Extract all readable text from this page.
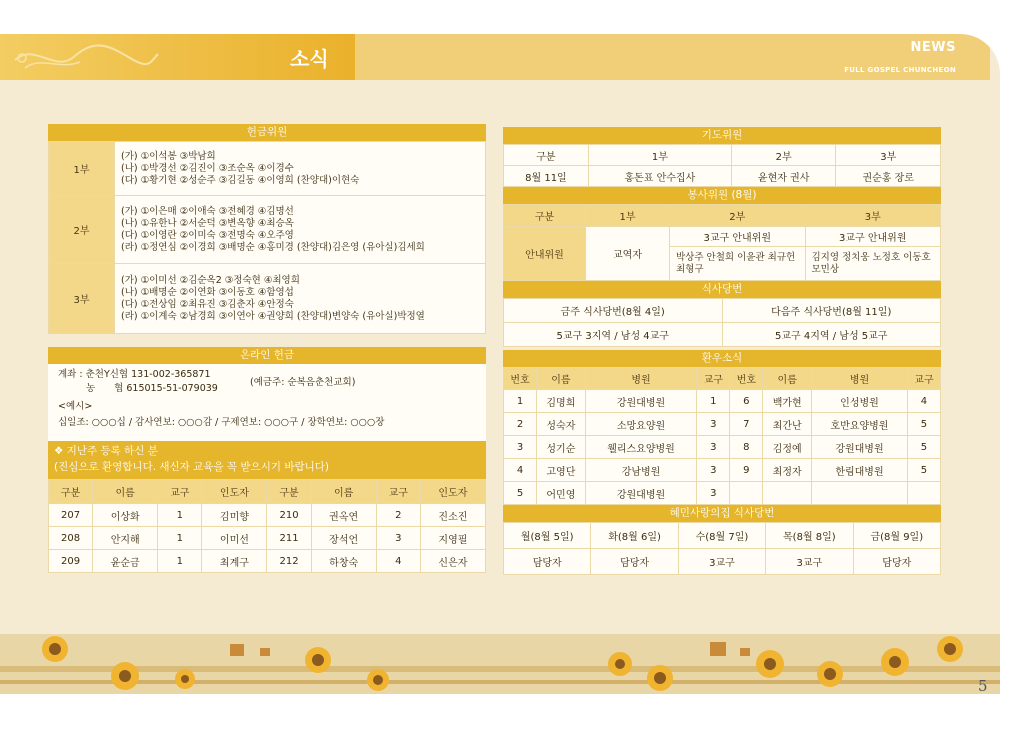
소식	NEWS
FULL GOSPEL CHUNCHEON
헌금위원
1부	(가) ①이석봉 ③박남희
(나) ①박경선 ②김진이 ③조순옥 ④이경수
(다) ①황기현 ②성순주 ③김길동 ④이영희 (찬양대)이현숙

2부	(가) ①이은매 ②이애숙 ③전혜경 ④김명선
(나) ①유한나 ②서순덕 ③변옥향 ④최승옥
(다) ①이영란 ②이미숙 ③전명숙 ④오주영
(라) ①정연심 ②이경희 ③배명순 ④홍미경 (찬양대)김은영 (유아실)김세희

3부	(가) ①이미선 ②김순옥2 ③정숙현 ④최영희
(나) ①배명순 ②이연화 ③이동호 ④함영섭
(다) ①전상임 ②최유진 ③김춘자 ④안정숙
(라) ①이계숙 ②남경희 ③이연아 ④권양희 (찬양대)변양숙 (유아실)박정열
온라인 헌금
계좌 : 춘천Y신협 131-002-365871
농　　협 615015-51-079039
(예금주: 순복음춘천교회)
<예시>
십일조: ○○○십 / 감사연보: ○○○감 / 구제연보: ○○○구 / 장학연보: ○○○장
❖ 지난주 등록 하신 분
(진심으로 환영합니다. 새신자 교육을 꼭 받으시기 바랍니다)
구분	이름	교구	인도자	구분	이름	교구	인도자
207	이상화	1	김미향	210	권옥연	2	진소진
208	안지해	1	이미선	211	장석언	3	지영필
209	윤순금	1	최계구	212	하창숙	4	신은자
기도위원
구분	1부	2부	3부
8월 11일	홍돈표 안수집사	윤현자 권사	권순홍 장로
봉사위원 (8월)
구분	1부	2부	3부
안내위원	교역자	3교구 안내위원	3교구 안내위원
		박상주 안철희 이윤관 최규헌 최형구	김지영 정치웅 노정호 이동호 모민상
식사당번
금주 식사당번(8월 4일)	다음주 식사당번(8월 11일)
5교구 3지역 / 남성 4교구	5교구 4지역 / 남성 5교구
환우소식
번호	이름	병원	교구	번호	이름	병원	교구
1	김명희	강원대병원	1	6	백가현	인성병원	4
2	성숙자	소망요양원	3	7	최간난	호반요양병원	5
3	성기순	웰리스요양병원	3	8	김정예	강원대병원	5
4	고영단	강남병원	3	9	최정자	한림대병원	5
5	어민영	강원대병원	3				
혜민사랑의집 식사당번
월(8월 5일)	화(8월 6일)	수(8월 7일)	목(8월 8일)	금(8월 9일)
담당자	담당자	3교구	3교구	담당자
5
